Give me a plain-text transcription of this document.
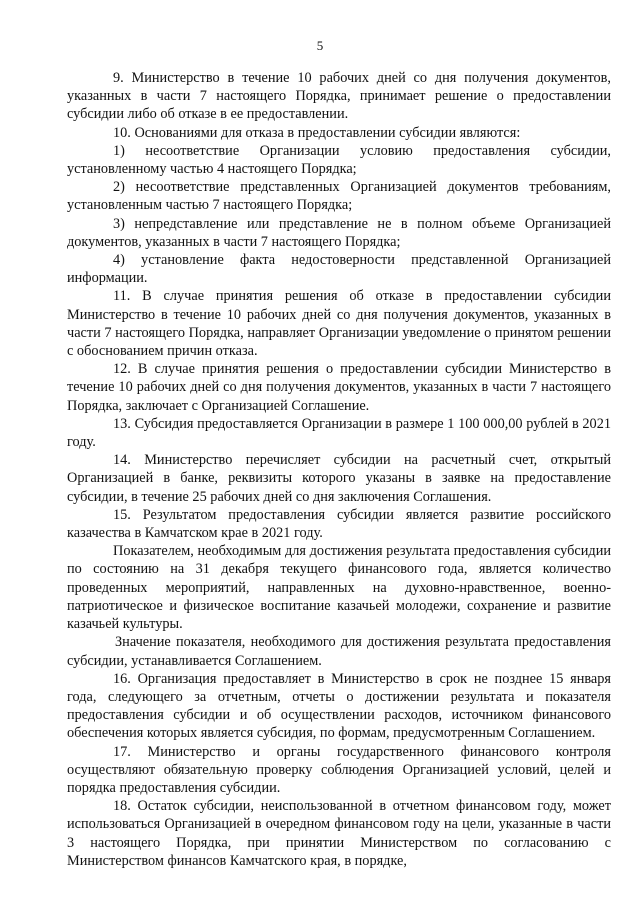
5

9. Министерство в течение 10 рабочих дней со дня получения документов, указанных в части 7 настоящего Порядка, принимает решение о предоставлении субсидии либо об отказе в ее предоставлении.

10. Основаниями для отказа в предоставлении субсидии являются:

1) несоответствие Организации условию предоставления субсидии, установленному частью 4 настоящего Порядка;

2) несоответствие представленных Организацией документов требованиям, установленным частью 7 настоящего Порядка;

3) непредставление или представление не в полном объеме Организацией документов, указанных в части 7 настоящего Порядка;

4) установление факта недостоверности представленной Организацией информации.

11. В случае принятия решения об отказе в предоставлении субсидии Министерство в течение 10 рабочих дней со дня получения документов, указанных в части 7 настоящего Порядка, направляет Организации уведомление о принятом решении с обоснованием причин отказа.

12. В случае принятия решения о предоставлении субсидии Министерство в течение 10 рабочих дней со дня получения документов, указанных в части 7 настоящего Порядка, заключает с Организацией Соглашение.

13. Субсидия предоставляется Организации в размере 1 100 000,00 рублей в 2021 году.

14. Министерство перечисляет субсидии на расчетный счет, открытый Организацией в банке, реквизиты которого указаны в заявке на предоставление субсидии, в течение 25 рабочих дней со дня заключения Соглашения.

15. Результатом предоставления субсидии является развитие российского казачества в Камчатском крае в 2021 году.

Показателем, необходимым для достижения результата предоставления субсидии по состоянию на 31 декабря текущего финансового года, является количество проведенных мероприятий, направленных на духовно-нравственное, военно-патриотическое и физическое воспитание казачьей молодежи, сохранение и развитие казачьей культуры.

Значение показателя, необходимого для достижения результата предоставления субсидии, устанавливается Соглашением.

16. Организация предоставляет в Министерство в срок не позднее 15 января года, следующего за отчетным, отчеты о достижении результата и показателя предоставления субсидии и об осуществлении расходов, источником финансового обеспечения которых является субсидия, по формам, предусмотренным Соглашением.

17. Министерство и органы государственного финансового контроля осуществляют обязательную проверку соблюдения Организацией условий, целей и порядка предоставления субсидии.

18. Остаток субсидии, неиспользованной в отчетном финансовом году, может использоваться Организацией в очередном финансовом году на цели, указанные в части 3 настоящего Порядка, при принятии Министерством по согласованию с Министерством финансов Камчатского края, в порядке,
